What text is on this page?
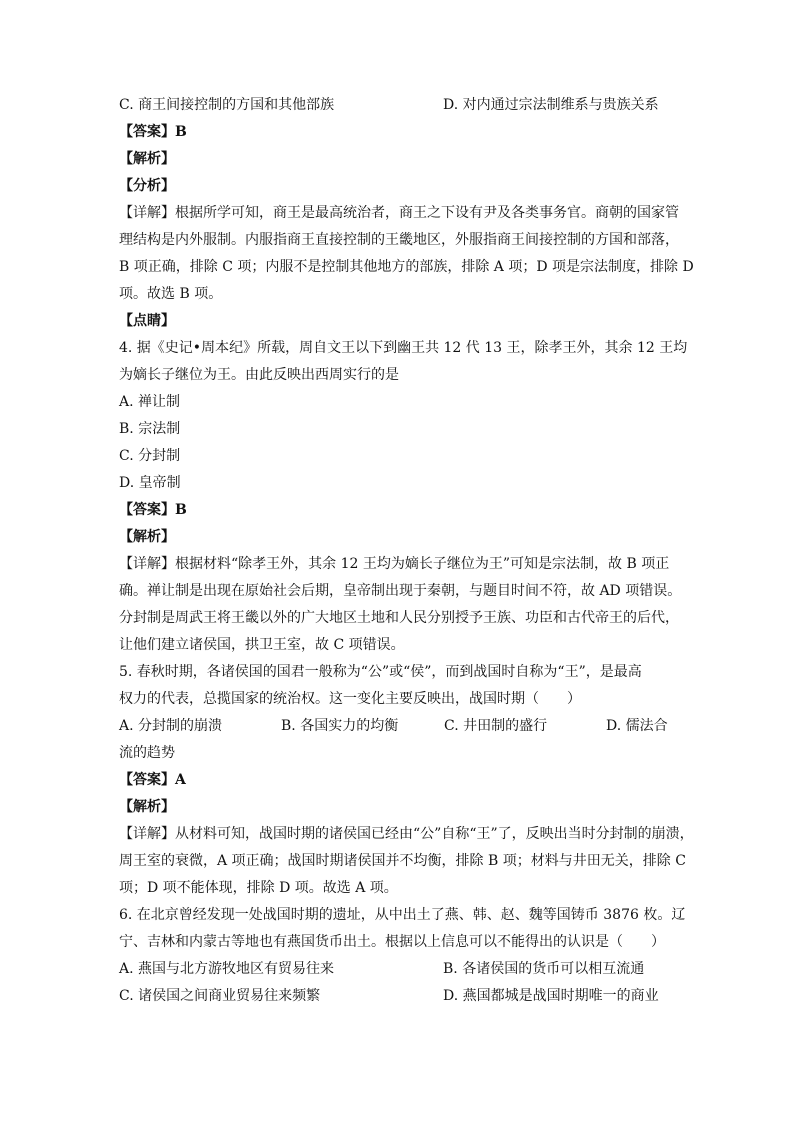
C. 商王间接控制的方国和其他部族	D. 对内通过宗法制维系与贵族关系
【答案】B
【解析】
【分析】
【详解】根据所学可知，商王是最高统治者，商王之下设有尹及各类事务官。商朝的国家管
理结构是内外服制。内服指商王直接控制的王畿地区，外服指商王间接控制的方国和部落，
B 项正确，排除 C 项；内服不是控制其他地方的部族，排除 A 项；D 项是宗法制度，排除 D
项。故选 B 项。
【点睛】
4. 据《史记•周本纪》所载，周自文王以下到幽王共 12 代 13 王，除孝王外，其余 12 王均
为嫡长子继位为王。由此反映出西周实行的是
A. 禅让制
B. 宗法制
C. 分封制
D. 皇帝制
【答案】B
【解析】
【详解】根据材料“除孝王外，其余 12 王均为嫡长子继位为王”可知是宗法制，故 B 项正
确。禅让制是出现在原始社会后期，皇帝制出现于秦朝，与题目时间不符，故 AD 项错误。
分封制是周武王将王畿以外的广大地区土地和人民分别授予王族、功臣和古代帝王的后代，
让他们建立诸侯国，拱卫王室，故 C 项错误。
5. 春秋时期，各诸侯国的国君一般称为“公”或“侯”，而到战国时自称为“王”，是最高
权力的代表，总揽国家的统治权。这一变化主要反映出，战国时期（　　）
A. 分封制的崩溃	B. 各国实力的均衡	C. 井田制的盛行	D. 儒法合
流的趋势
【答案】A
【解析】
【详解】从材料可知，战国时期的诸侯国已经由“公”自称“王”了，反映出当时分封制的崩溃，
周王室的衰微，A 项正确；战国时期诸侯国并不均衡，排除 B 项；材料与井田无关，排除 C
项；D 项不能体现，排除 D 项。故选 A 项。
6. 在北京曾经发现一处战国时期的遗址，从中出土了燕、韩、赵、魏等国铸币 3876 枚。辽
宁、吉林和内蒙古等地也有燕国货币出土。根据以上信息可以不能得出的认识是（　　）
A. 燕国与北方游牧地区有贸易往来	B. 各诸侯国的货币可以相互流通
C. 诸侯国之间商业贸易往来频繁	D. 燕国都城是战国时期唯一的商业
